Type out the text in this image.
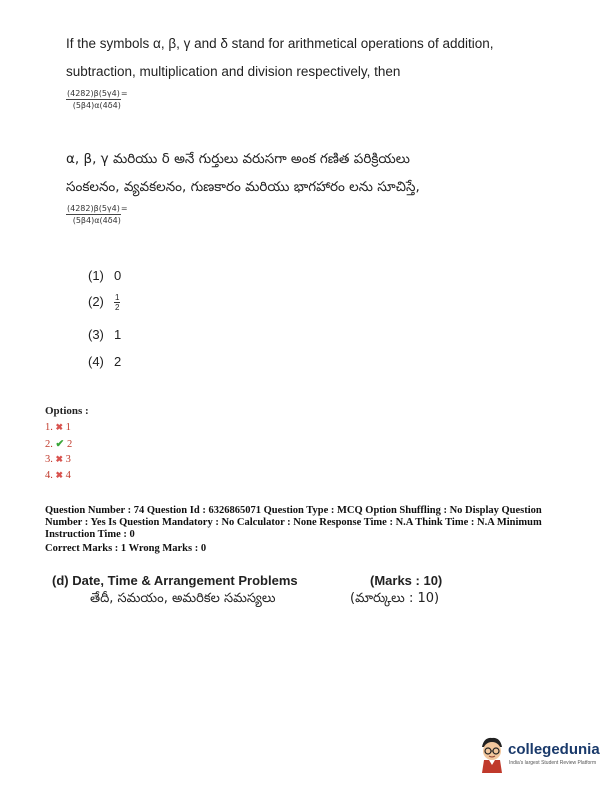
If the symbols α, β, γ and δ stand for arithmetical operations of addition,
subtraction, multiplication and division respectively, then
(4282)β(5γ4)=
(5β4)α(4δ4)
α, β, γ మరియు δ అనే గుర్తులు వరుసగా అంక గణిత పరిక్రియలు
సంకలనం, వ్యవకలనం, గుణకారం మరియు భాగహారం లను సూచిస్తే,
(4282)β(5γ4)=
(5β4)α(4δ4)
(1) 0
$(2) \frac{1}{2}$
(3) 1
(4) 2
Options :
1. ✖ 1
2. ✔ 2
3. ✖ 3
4. ✖ 4
Question Number : 74 Question Id : 6326865071 Question Type : MCQ Option Shuffling : No Display Question Number : Yes Is Question Mandatory : No Calculator : None Response Time : N.A Think Time : N.A Minimum Instruction Time : 0
Correct Marks : 1 Wrong Marks : 0
(d) Date, Time & Arrangement Problems	(Marks : 10)
తేదీ, సమయం, అమరికల సమస్యలు	(మార్కులు : 10)
collegedunia
India's largest Student Review Platform
